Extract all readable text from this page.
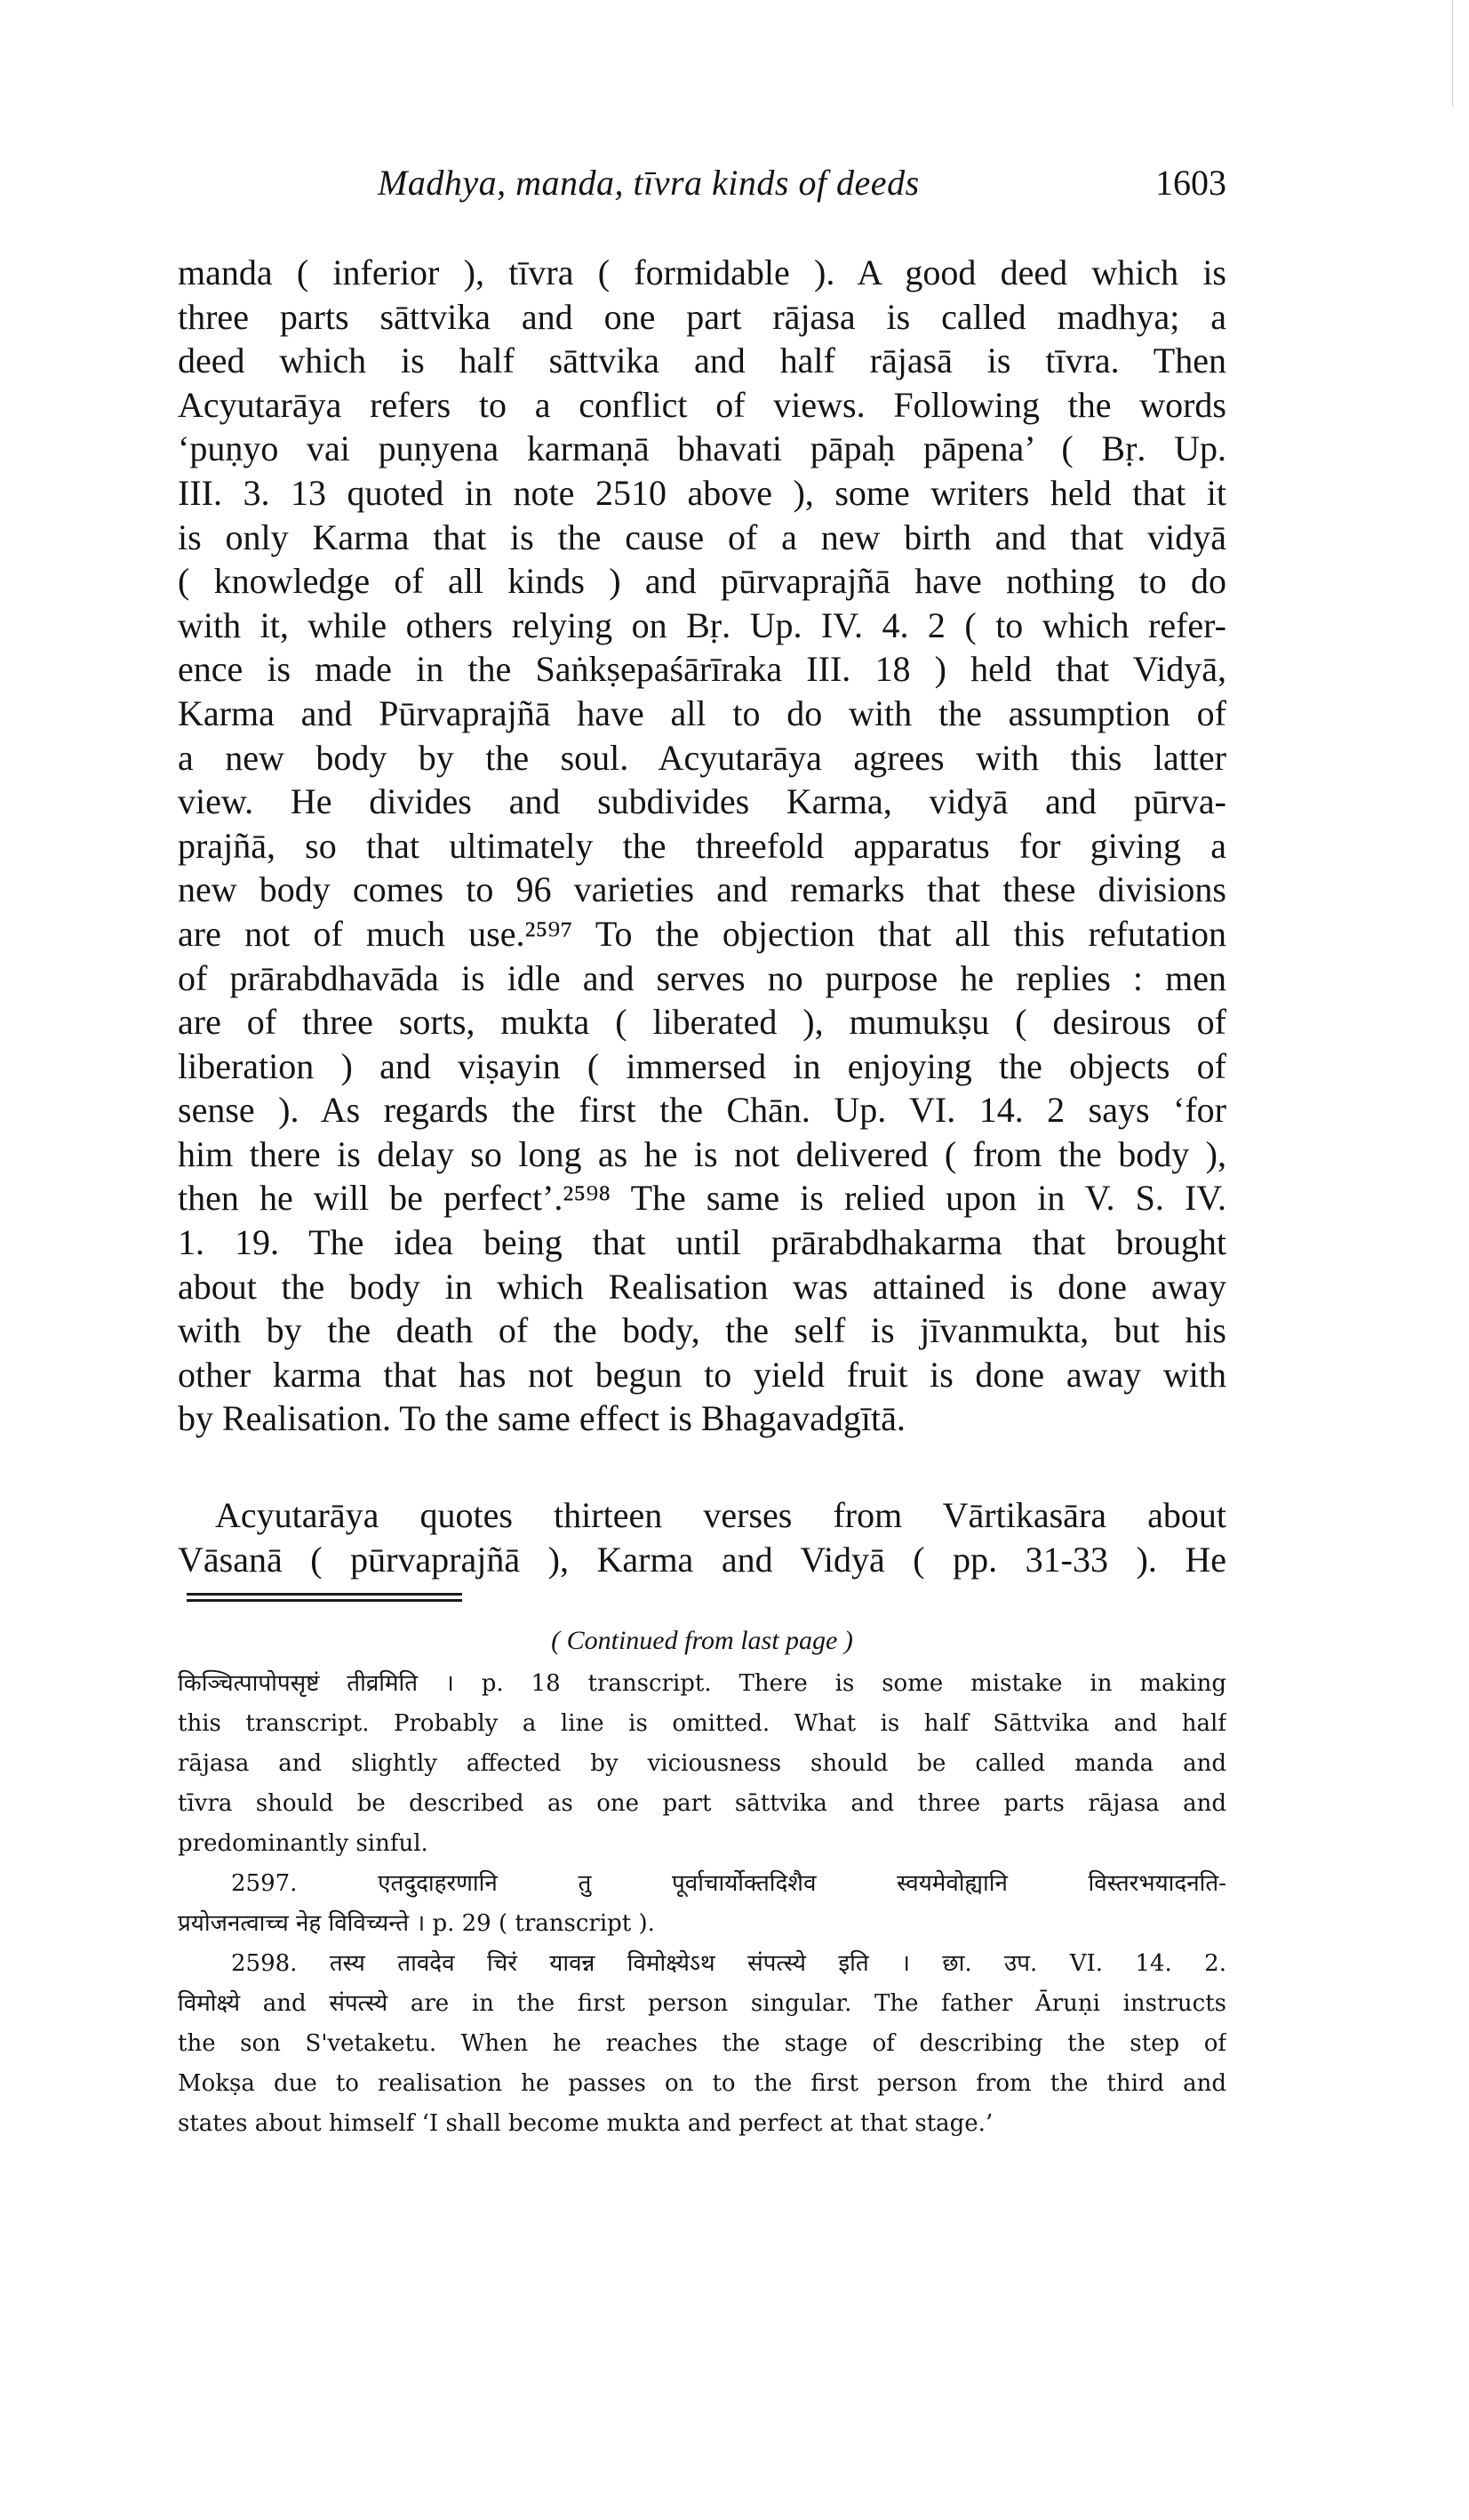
Madhya, manda, tīvra kinds of deeds	1603
manda ( inferior ), tīvra ( formidable ). A good deed which is
three parts sāttvika and one part rājasa is called madhya; a
deed which is half sāttvika and half rājasā is tīvra. Then
Acyutarāya refers to a conflict of views. Following the words
‘puṇyo vai puṇyena karmaṇā bhavati pāpaḥ pāpena’ ( Bṛ. Up.
III. 3. 13 quoted in note 2510 above ), some writers held that it
is only Karma that is the cause of a new birth and that vidyā
( knowledge of all kinds ) and pūrvaprajñā have nothing to do
with it, while others relying on Bṛ. Up. IV. 4. 2 ( to which refer-
ence is made in the Saṅkṣepaśārīraka III. 18 ) held that Vidyā,
Karma and Pūrvaprajñā have all to do with the assumption of
a new body by the soul. Acyutarāya agrees with this latter
view. He divides and subdivides Karma, vidyā and pūrva-
prajñā, so that ultimately the threefold apparatus for giving a
new body comes to 96 varieties and remarks that these divisions
are not of much use.²⁵⁹⁷ To the objection that all this refutation
of prārabdhavāda is idle and serves no purpose he replies : men
are of three sorts, mukta ( liberated ), mumukṣu ( desirous of
liberation ) and viṣayin ( immersed in enjoying the objects of
sense ). As regards the first the Chān. Up. VI. 14. 2 says ‘for
him there is delay so long as he is not delivered ( from the body ),
then he will be perfect’.²⁵⁹⁸ The same is relied upon in V. S. IV.
1. 19. The idea being that until prārabdhakarma that brought
about the body in which Realisation was attained is done away
with by the death of the body, the self is jīvanmukta, but his
other karma that has not begun to yield fruit is done away with
by Realisation. To the same effect is Bhagavadgītā.
Acyutarāya quotes thirteen verses from Vārtikasāra about
Vāsanā ( pūrvaprajñā ), Karma and Vidyā ( pp. 31-33 ). He
( Continued from last page )
किञ्चित्पापोपसृष्टं तीव्रमिति । p. 18 transcript. There is some mistake in making
this transcript. Probably a line is omitted. What is half Sāttvika and half
rājasa and slightly affected by viciousness should be called manda and
tīvra should be described as one part sāttvika and three parts rājasa and
predominantly sinful.
2597. एतदुदाहरणानि तु पूर्वाचार्योक्तदिशैव स्वयमेवोह्यानि विस्तरभयादनति-
प्रयोजनत्वाच्च नेह विविच्यन्ते । p. 29 ( transcript ).
2598. तस्य तावदेव चिरं यावन्न विमोक्ष्येऽथ संपत्स्ये इति । छा. उप. VI. 14. 2.
विमोक्ष्ये and संपत्स्ये are in the first person singular. The father Āruṇi instructs
the son S'vetaketu. When he reaches the stage of describing the step of
Mokṣa due to realisation he passes on to the first person from the third and
states about himself ‘I shall become mukta and perfect at that stage.’
